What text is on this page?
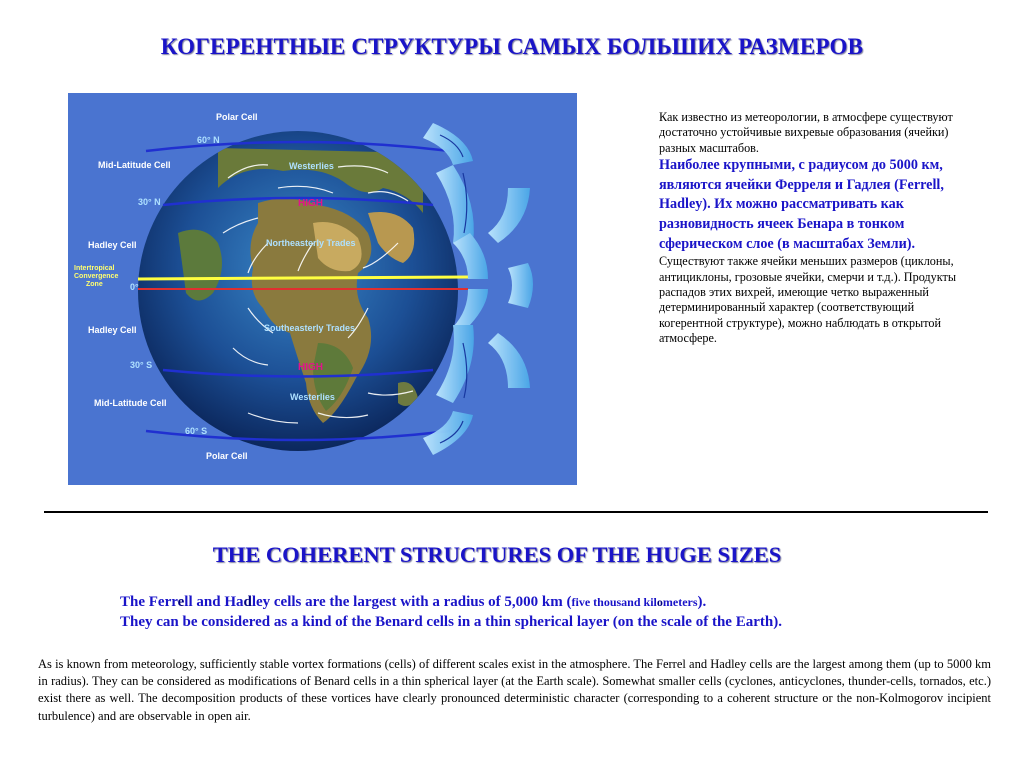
КОГЕРЕНТНЫЕ СТРУКТУРЫ САМЫХ БОЛЬШИХ РАЗМЕРОВ
Polar Cell
60° N
Mid-Latitude Cell	Westerlies
30° N	HIGH
Hadley Cell	Northeasterly Trades
Intertropical
Convergence
Zone	0°
Hadley Cell	Southeasterly Trades
30° S	HIGH
Mid-Latitude Cell
Westerlies
60° S
Polar Cell
Как известно из метеорологии, в атмосфере существуют достаточно устойчивые вихревые образования (ячейки) разных масштабов.
Наиболее крупными, с радиусом до 5000 км, являются ячейки Ферреля и Гадлея (Ferrell, Hadley). Их можно рассматривать как разновидность ячеек Бенара в тонком сферическом слое (в масштабах Земли). Существуют также ячейки меньших размеров (циклоны, антициклоны, грозовые ячейки, смерчи и т.д.). Продукты распадов этих вихрей, имеющие четко выраженный детерминированный характер (соответствующий когерентной структуре), можно наблюдать в открытой атмосфере.
THE COHERENT STRUCTURES OF THE HUGE SIZES
The Ferrell and Hadley cells are the largest with a radius of 5,000 km (five thousand kilometers).
They can be considered as a kind of the Benard cells in a thin spherical layer (on the scale of the Earth).
As is known from meteorology, sufficiently stable vortex formations (cells) of different scales exist in the atmosphere. The Ferrel and Hadley cells are the largest among them (up to 5000 km in radius). They can be considered as modifications of Benard cells in a thin spherical layer (at the Earth scale). Somewhat smaller cells (cyclones, anticyclones, thunder-cells, tornados, etc.) exist there as well. The decomposition products of these vortices have clearly pronounced deterministic character (corresponding to a coherent structure or the non-Kolmogorov incipient turbulence) and are observable in open air.
